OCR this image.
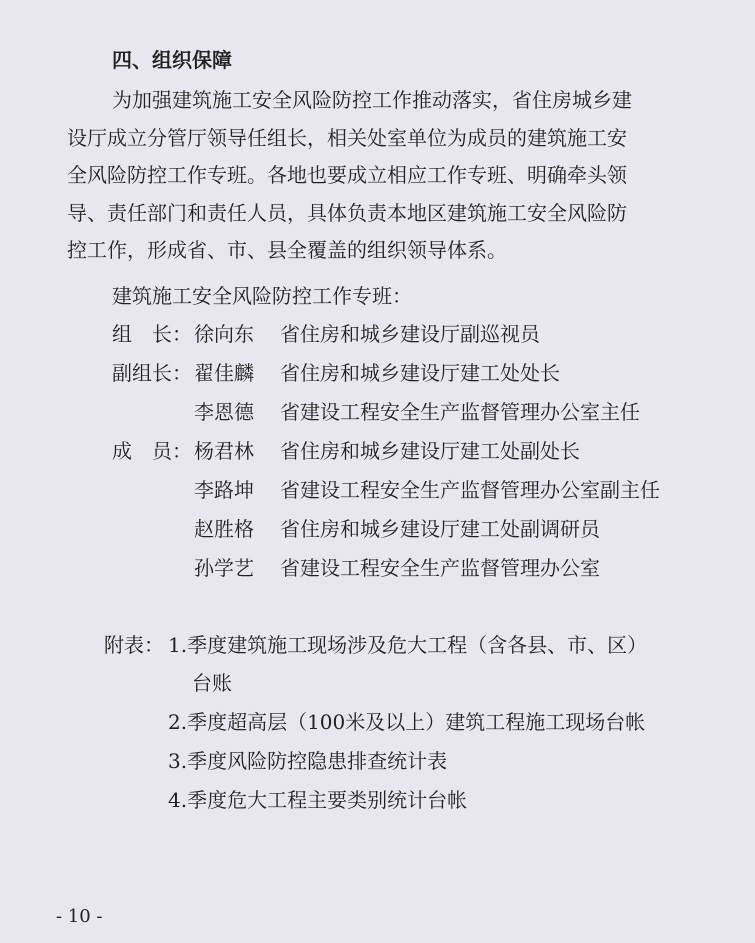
四、组织保障
为加强建筑施工安全风险防控工作推动落实，省住房城乡建
设厅成立分管厅领导任组长，相关处室单位为成员的建筑施工安
全风险防控工作专班。各地也要成立相应工作专班、明确牵头领
导、责任部门和责任人员，具体负责本地区建筑施工安全风险防
控工作，形成省、市、县全覆盖的组织领导体系。
建筑施工安全风险防控工作专班：
组　长： 徐向东 省住房和城乡建设厅副巡视员
副组长： 翟佳麟 省住房和城乡建设厅建工处处长
李恩德 省建设工程安全生产监督管理办公室主任
成　员： 杨君林 省住房和城乡建设厅建工处副处长
李路坤 省建设工程安全生产监督管理办公室副主任
赵胜格 省住房和城乡建设厅建工处副调研员
孙学艺 省建设工程安全生产监督管理办公室
附表： 1.季度建筑施工现场涉及危大工程（含各县、市、区）
台账
2.季度超高层（100米及以上）建筑工程施工现场台帐
3.季度风险防控隐患排查统计表
4.季度危大工程主要类别统计台帐
- 10 -
